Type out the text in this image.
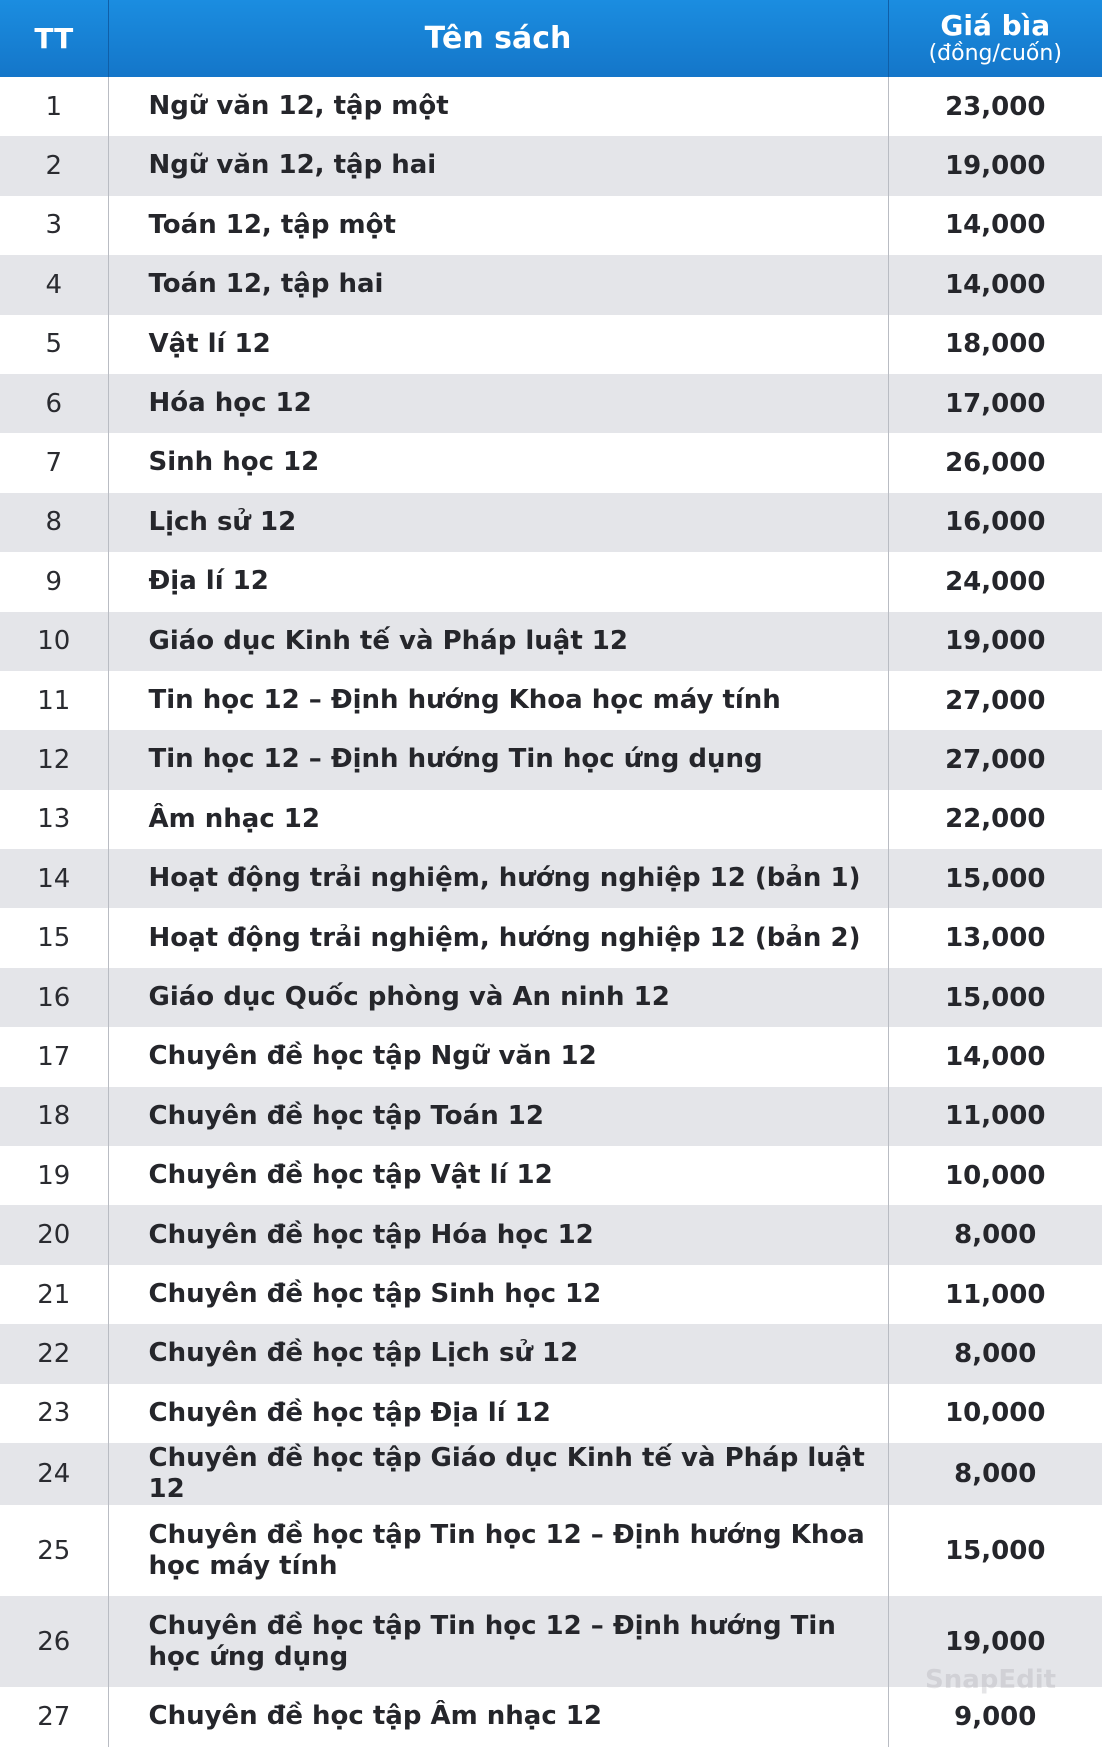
TT	Tên sách	Giá bìa
(đồng/cuốn)

1	Ngữ văn 12, tập một	23,000
2	Ngữ văn 12, tập hai	19,000
3	Toán 12, tập một	14,000
4	Toán 12, tập hai	14,000
5	Vật lí 12	18,000
6	Hóa học 12	17,000
7	Sinh học 12	26,000
8	Lịch sử 12	16,000
9	Địa lí 12	24,000
10	Giáo dục Kinh tế và Pháp luật 12	19,000
11	Tin học 12 – Định hướng Khoa học máy tính	27,000
12	Tin học 12 – Định hướng Tin học ứng dụng	27,000
13	Âm nhạc 12	22,000
14	Hoạt động trải nghiệm, hướng nghiệp 12 (bản 1)	15,000
15	Hoạt động trải nghiệm, hướng nghiệp 12 (bản 2)	13,000
16	Giáo dục Quốc phòng và An ninh 12	15,000
17	Chuyên đề học tập Ngữ văn 12	14,000
18	Chuyên đề học tập Toán 12	11,000
19	Chuyên đề học tập Vật lí 12	10,000
20	Chuyên đề học tập Hóa học 12	8,000
21	Chuyên đề học tập Sinh học 12	11,000
22	Chuyên đề học tập Lịch sử 12	8,000
23	Chuyên đề học tập Địa lí 12	10,000
24	Chuyên đề học tập Giáo dục Kinh tế và Pháp luật 12	8,000
25	Chuyên đề học tập Tin học 12 – Định hướng Khoa học máy tính	15,000
26	Chuyên đề học tập Tin học 12 – Định hướng Tin học ứng dụng	19,000
27	Chuyên đề học tập Âm nhạc 12	9,000
SnapEdit
